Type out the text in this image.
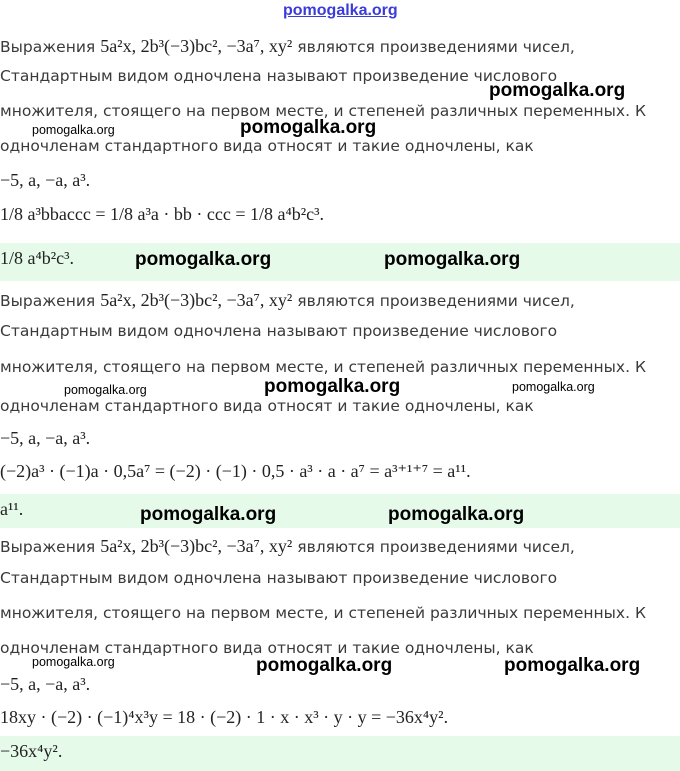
pomogalka.org
Выражения 5a²x, 2b³(−3)bc², −3a⁷, xy² являются произведениями чисел,
Стандартным видом одночлена называют произведение числового
множителя, стоящего на первом месте, и степеней различных переменных. К
одночленам стандартного вида относят и такие одночлены, как
−5, a, −a, a³.
1/8 a³bbaccc = 1/8 a³a · bb · ccc = 1/8 a⁴b²c³.
1/8 a⁴b²c³.
pomogalka.org
pomogalka.org	pomogalka.org
pomogalka.org	pomogalka.org
Выражения 5a²x, 2b³(−3)bc², −3a⁷, xy² являются произведениями чисел,
Стандартным видом одночлена называют произведение числового
множителя, стоящего на первом месте, и степеней различных переменных. К
одночленам стандартного вида относят и такие одночлены, как
−5, a, −a, a³.
(−2)a³ · (−1)a · 0,5a⁷ = (−2) · (−1) · 0,5 · a³ · a · a⁷ = a³⁺¹⁺⁷ = a¹¹.
a¹¹.
pomogalka.org	pomogalka.org	pomogalka.org
pomogalka.org	pomogalka.org
Выражения 5a²x, 2b³(−3)bc², −3a⁷, xy² являются произведениями чисел,
Стандартным видом одночлена называют произведение числового
множителя, стоящего на первом месте, и степеней различных переменных. К
одночленам стандартного вида относят и такие одночлены, как
−5, a, −a, a³.
18xy · (−2) · (−1)⁴x³y = 18 · (−2) · 1 · x · x³ · y · y = −36x⁴y².
−36x⁴y².
pomogalka.org	pomogalka.org	pomogalka.org
